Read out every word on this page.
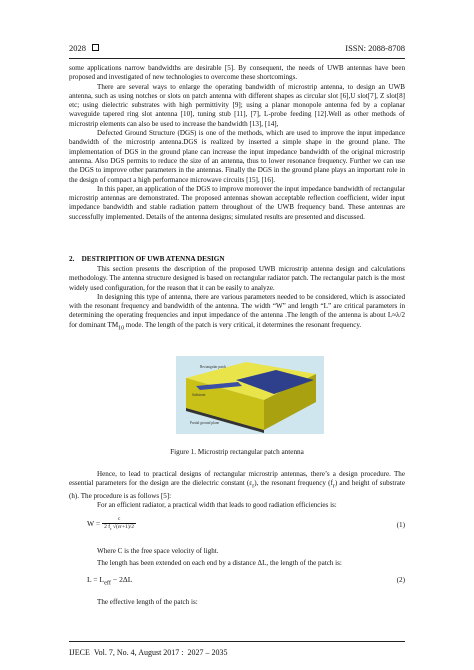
2028	ISSN: 2088-8708

some applications narrow bandwidths are desirable [5]. By consequent, the needs of UWB antennas have been proposed and investigated of new technologies to overcome these shortcomings.

There are several ways to enlarge the operating bandwidth of microstrip antenna, to design an UWB antenna, such as using notches or slots on patch antenna with different shapes as circular slot [6],U slot[7], Z slot[8] etc; using dielectric substrates with high permittivity [9]; using a planar monopole antenna fed by a coplanar waveguide tapered ring slot antenna [10], tuning stub [11], [7], L-probe feeding [12].Well as other methods of microstrip elements can also be used to increase the bandwidth [13], [14],

Defected Ground Structure (DGS) is one of the methods, which are used to improve the input impedance bandwidth of the microstrip antenna.DGS is realized by inserted a simple shape in the ground plane. The implementation of DGS in the ground plane can increase the input impedance bandwidth of the original microstrip antenna. Also DGS permits to reduce the size of an antenna, thus to lower resonance frequency. Further we can use the DGS to improve other parameters in the antennas. Finally the DGS in the ground plane plays an important role in the design of compact a high performance microwave circuits [15], [16].

In this paper, an application of the DGS to improve moreover the input impedance bandwidth of rectangular microstrip antennas are demonstrated. The proposed antennas showan acceptable reflection coefficient, wider input impedance bandwidth and stable radiation pattern throughout of the UWB frequency band. These antennas are successfully implemented. Details of the antenna designs; simulated results are presented and discussed.

2.    DESTRIPITION OF UWB ATENNA DESIGN

This section presents the description of the proposed UWB microstrip antenna design and calculations methodology. The antenna structure designed is based on rectangular radiator patch. The rectangular patch is the most widely used configuration, for the reason that it can be easily to analyze.

In designing this type of antenna, there are various parameters needed to be considered, which is associated with the resonant frequency and bandwidth of the antenna. The width “W” and length “L” are critical parameters in determining the operating frequencies and input impedance of the antenna .The length of the antenna is about L≈λ/2 for dominant $TM_{10}$ mode. The length of the patch is very critical, it determines the resonant frequency.

Rectangular patch
Substrate
Partial ground plane
Figure 1. Microstrip rectangular patch antenna

Hence, to lead to practical designs of rectangular microstrip antennas, there’s a design procedure. The essential parameters for the design are the dielectric constant $(\varepsilon_r)$, the resonant frequency $(f_r)$ and height of substrate (h). The procedure is as follows [5]:

For an efficient radiator, a practical width that leads to good radiation efficiencies is:

$W = \frac{c}{2 f_r √(\varepsilon r+1)/2}$	(1)

Where C is the free space velocity of light.

The length has been extended on each end by a distance ΔL, the length of the patch is:

$L = L_{eff} - 2\Delta L$	(2)

The effective length of the patch is:

IJECE  Vol. 7, No. 4, August 2017 :  2027 – 2035
